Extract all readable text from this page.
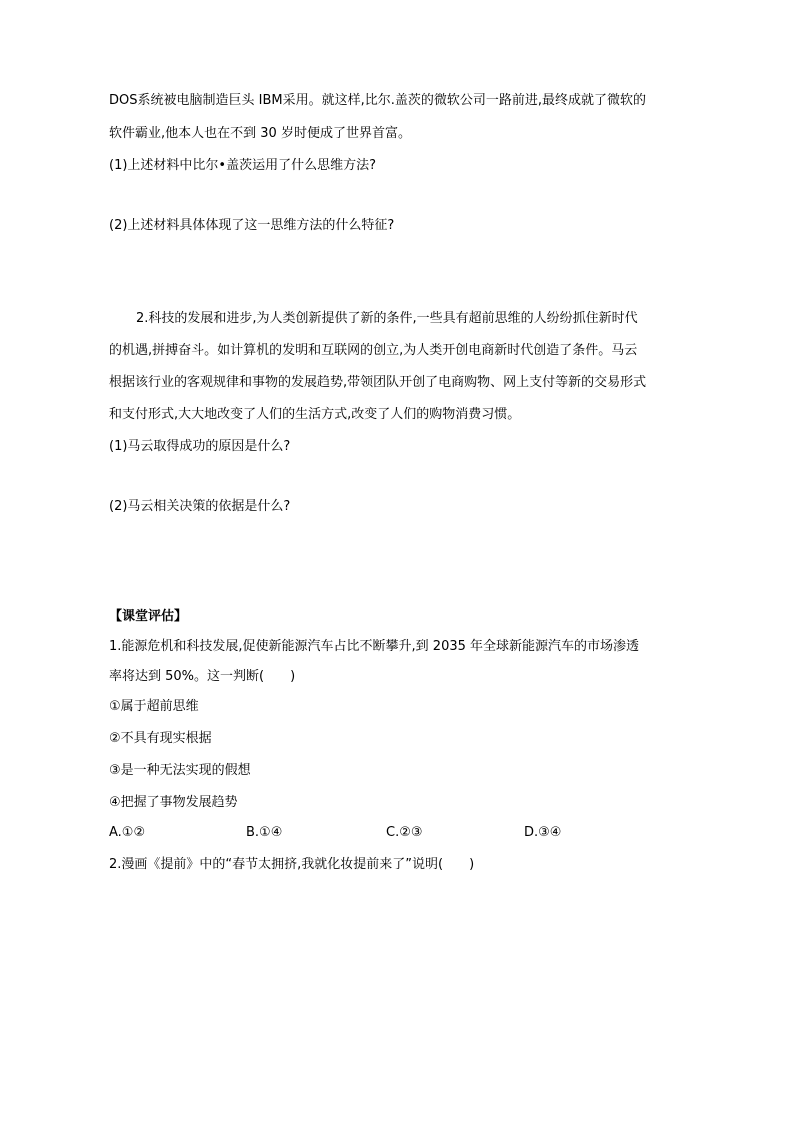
DOS系统被电脑制造巨头 IBM采用。就这样,比尔.盖茨的微软公司一路前进,最终成就了微软的
软件霸业,他本人也在不到 30 岁时便成了世界首富。
(1)上述材料中比尔•盖茨运用了什么思维方法?
(2)上述材料具体体现了这一思维方法的什么特征?
2.科技的发展和进步,为人类创新提供了新的条件,一些具有超前思维的人纷纷抓住新时代
的机遇,拼搏奋斗。如计算机的发明和互联网的创立,为人类开创电商新时代创造了条件。马云
根据该行业的客观规律和事物的发展趋势,带领团队开创了电商购物、网上支付等新的交易形式
和支付形式,大大地改变了人们的生活方式,改变了人们的购物消费习惯。
(1)马云取得成功的原因是什么?
(2)马云相关决策的依据是什么?
【课堂评估】
1.能源危机和科技发展,促使新能源汽车占比不断攀升,到 2035 年全球新能源汽车的市场渗透
率将达到 50%。这一判断(　　)
①属于超前思维
②不具有现实根据
③是一种无法实现的假想
④把握了事物发展趋势
A.①②	B.①④	C.②③	D.③④
2.漫画《提前》中的“春节太拥挤,我就化妆提前来了”说明(　　)
